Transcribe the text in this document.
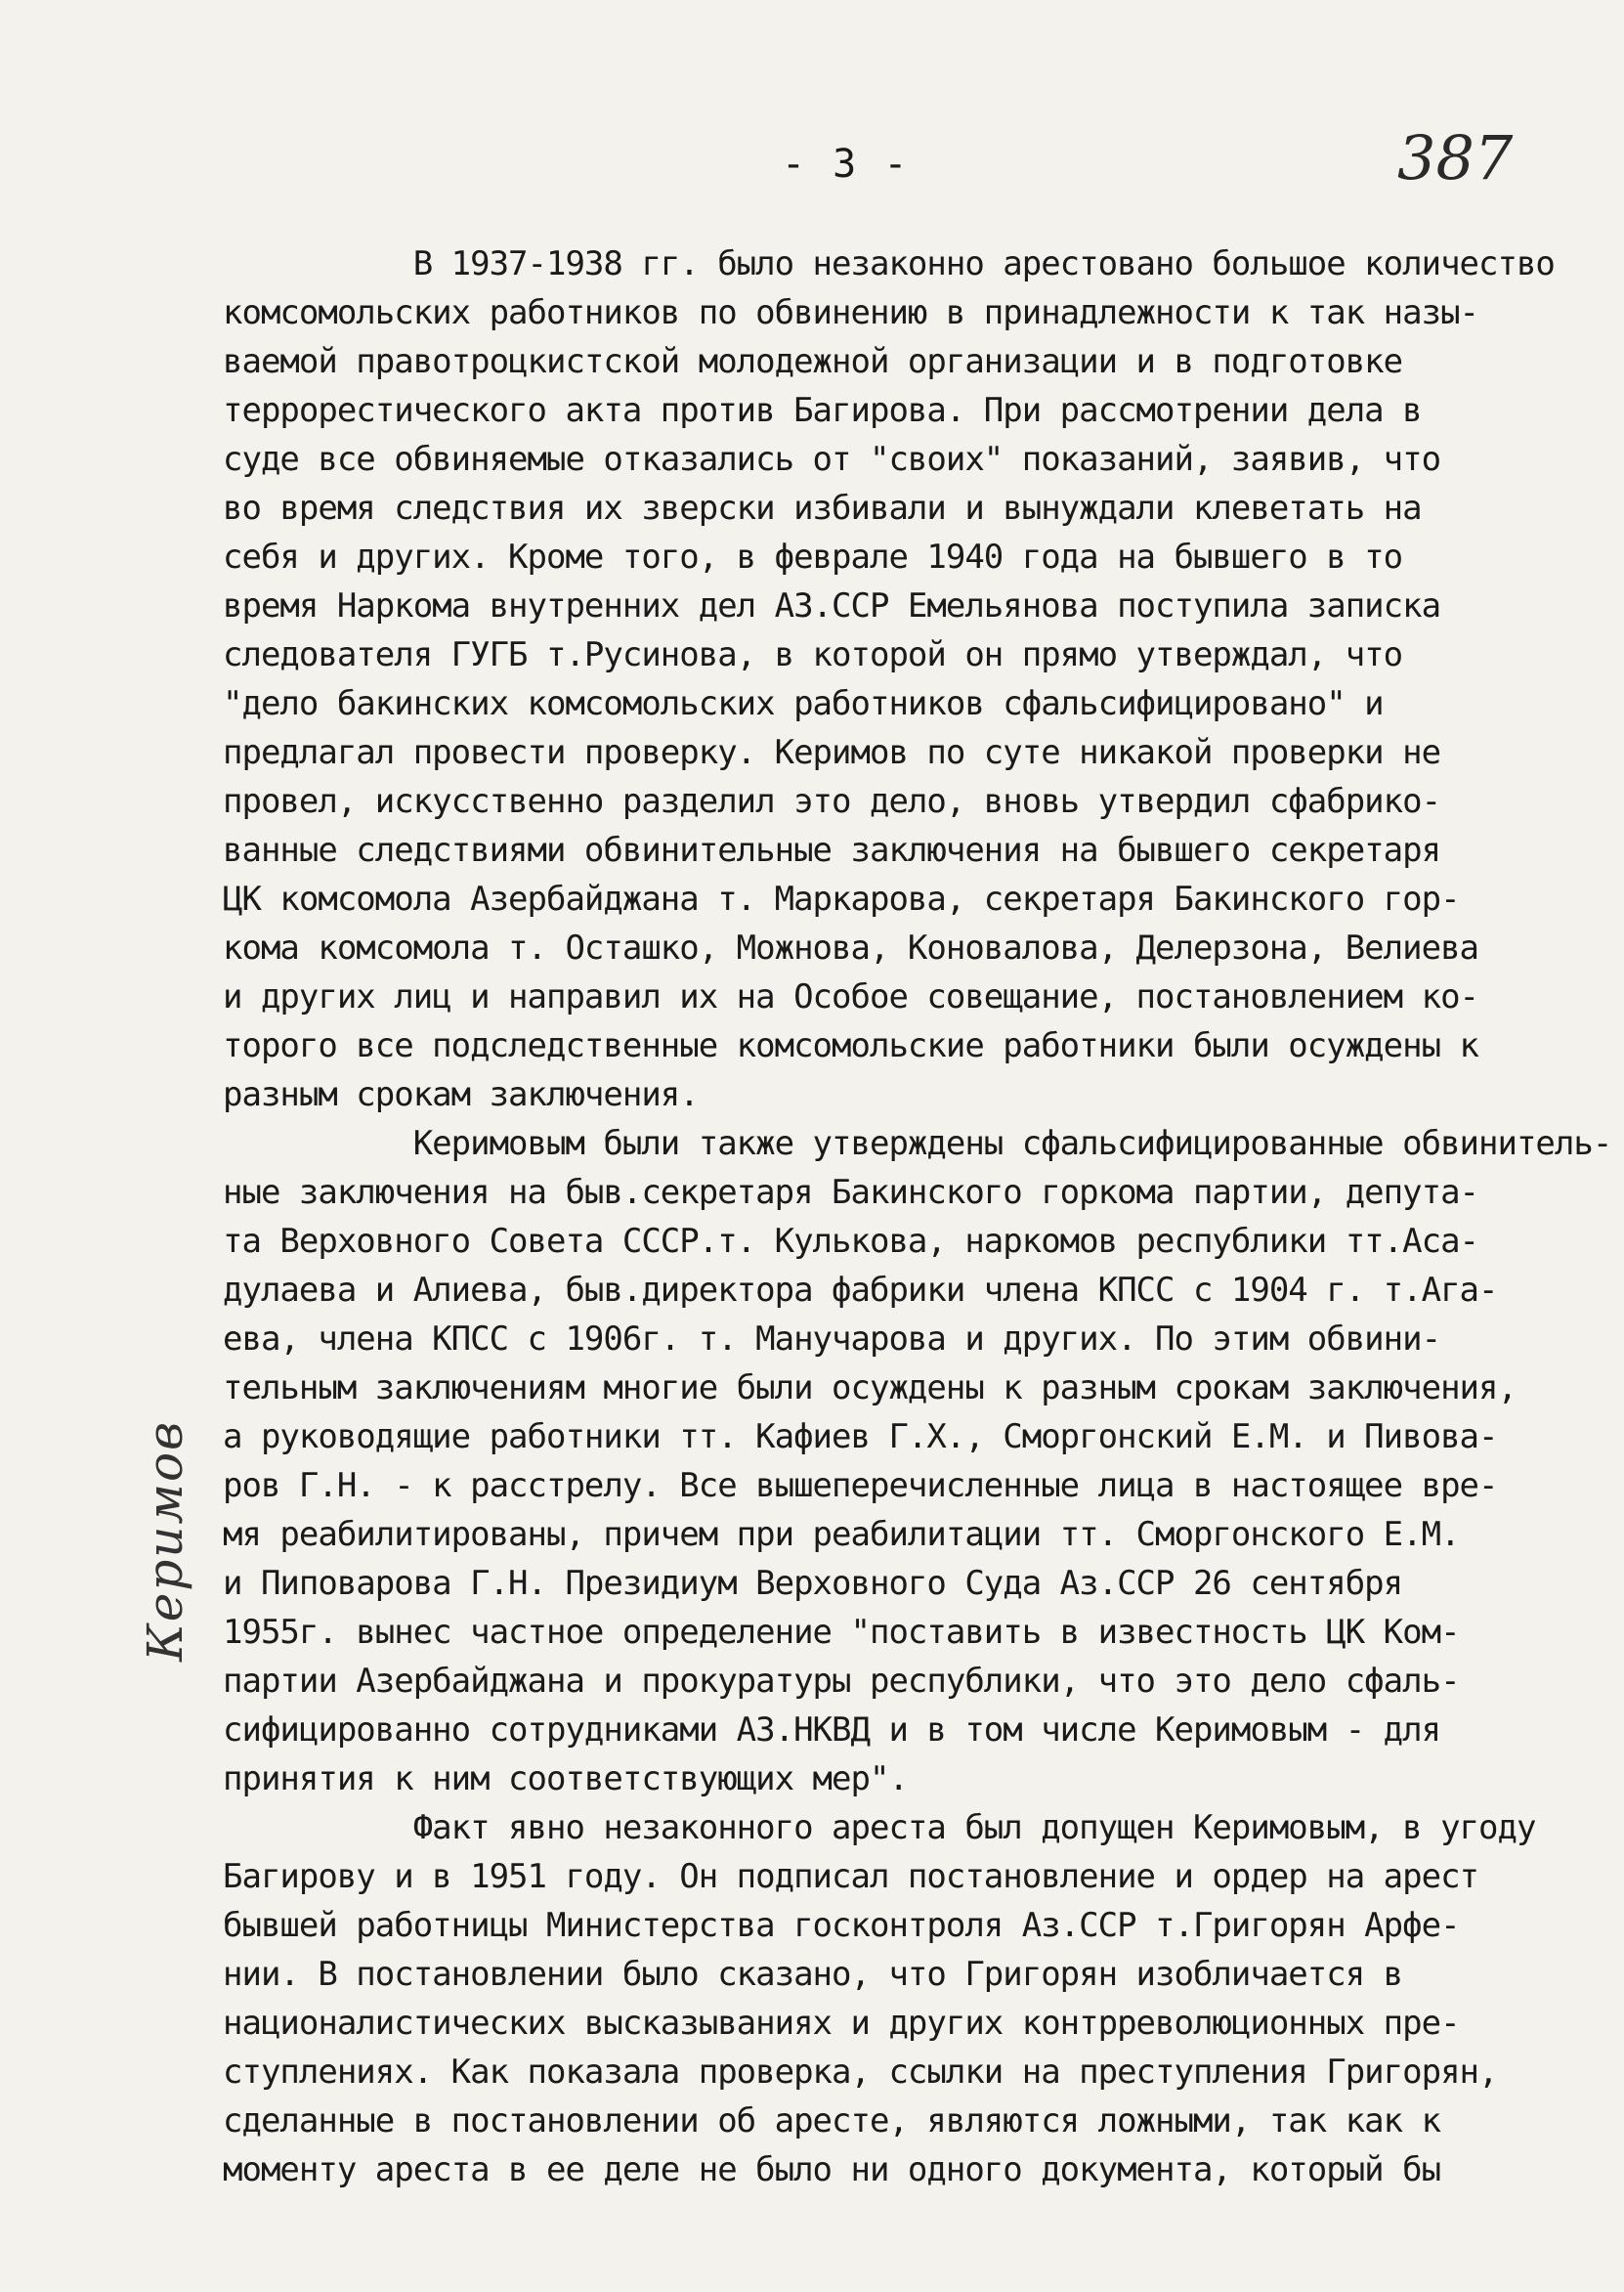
- 3 -	387
Керимов
В 1937-1938 гг. было незаконно арестовано большое количество
комсомольских работников по обвинению в принадлежности к так назы-
ваемой правотроцкистской молодежной организации и в подготовке
террорестического акта против Багирова. При рассмотрении дела в
суде все обвиняемые отказались от "своих" показаний, заявив, что
во время следствия их зверски избивали и вынуждали клеветать на
себя и других. Кроме того, в феврале 1940 года на бывшего в то
время Наркома внутренних дел АЗ.ССР Емельянова поступила записка
следователя ГУГБ т.Русинова, в которой он прямо утверждал, что
"дело бакинских комсомольских работников сфальсифицировано" и
предлагал провести проверку. Керимов по суте никакой проверки не
провел, искусственно разделил это дело, вновь утвердил сфабрико-
ванные следствиями обвинительные заключения на бывшего секретаря
ЦК комсомола Азербайджана т. Маркарова, секретаря Бакинского гор-
кома комсомола т. Осташко, Можнова, Коновалова, Делерзона, Велиева
и других лиц и направил их на Особое совещание, постановлением ко-
торого все подследственные комсомольские работники были осуждены к
разным срокам заключения.
Керимовым были также утверждены сфальсифицированные обвинитель-
ные заключения на быв.секретаря Бакинского горкома партии, депута-
та Верховного Совета СССР.т. Кулькова, наркомов республики тт.Аса-
дулаева и Алиева, быв.директора фабрики члена КПСС с 1904 г. т.Ага-
ева, члена КПСС с 1906г. т. Манучарова и других. По этим обвини-
тельным заключениям многие были осуждены к разным срокам заключения,
а руководящие работники тт. Кафиев Г.Х., Сморгонский Е.М. и Пивова-
ров Г.Н. - к расстрелу. Все вышеперечисленные лица в настоящее вре-
мя реабилитированы, причем при реабилитации тт. Сморгонского Е.М.
и Пиповарова Г.Н. Президиум Верховного Суда Аз.ССР 26 сентября
1955г. вынес частное определение "поставить в известность ЦК Ком-
партии Азербайджана и прокуратуры республики, что это дело сфаль-
сифицированно сотрудниками АЗ.НКВД и в том числе Керимовым - для
принятия к ним соответствующих мер".
Факт явно незаконного ареста был допущен Керимовым, в угоду
Багирову и в 1951 году. Он подписал постановление и ордер на арест
бывшей работницы Министерства госконтроля Аз.ССР т.Григорян Арфе-
нии. В постановлении было сказано, что Григорян изобличается в
националистических высказываниях и других контрреволюционных пре-
ступлениях. Как показала проверка, ссылки на преступления Григорян,
сделанные в постановлении об аресте, являются ложными, так как к
моменту ареста в ее деле не было ни одного документа, который бы
